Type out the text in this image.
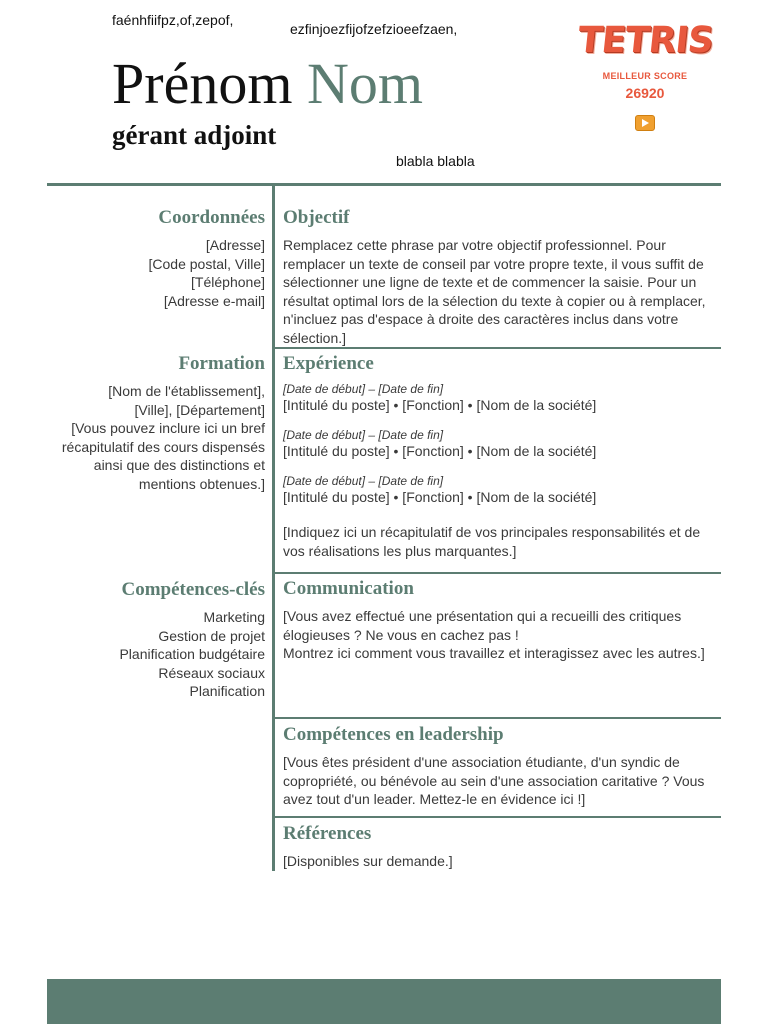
faénhfiifpz,of,zepof,
ezfinjoezfijofzefzioeefzaen,
blabla blabla
Prénom Nom
gérant adjoint
TETRIS
MEILLEUR SCORE
26920
Coordonnées
[Adresse]
[Code postal, Ville]
[Téléphone]
[Adresse e-mail]
Formation
[Nom de l'établissement],
[Ville], [Département]
[Vous pouvez inclure ici un bref
récapitulatif des cours dispensés
ainsi que des distinctions et
mentions obtenues.]
Compétences-clés
Marketing
Gestion de projet
Planification budgétaire
Réseaux sociaux
Planification
Objectif
Remplacez cette phrase par votre objectif professionnel. Pour remplacer un texte de conseil par votre propre texte, il vous suffit de sélectionner une ligne de texte et de commencer la saisie. Pour un résultat optimal lors de la sélection du texte à copier ou à remplacer, n'incluez pas d'espace à droite des caractères inclus dans votre sélection.]
Expérience
[Date de début] – [Date de fin]
[Intitulé du poste] • [Fonction] • [Nom de la société]
[Date de début] – [Date de fin]
[Intitulé du poste] • [Fonction] • [Nom de la société]
[Date de début] – [Date de fin]
[Intitulé du poste] • [Fonction] • [Nom de la société]
[Indiquez ici un récapitulatif de vos principales responsabilités et de vos réalisations les plus marquantes.]
Communication
[Vous avez effectué une présentation qui a recueilli des critiques élogieuses ? Ne vous en cachez pas !
Montrez ici comment vous travaillez et interagissez avec les autres.]
Compétences en leadership
[Vous êtes président d'une association étudiante, d'un syndic de copropriété, ou bénévole au sein d'une association caritative ? Vous avez tout d'un leader. Mettez-le en évidence ici !]
Références
[Disponibles sur demande.]
